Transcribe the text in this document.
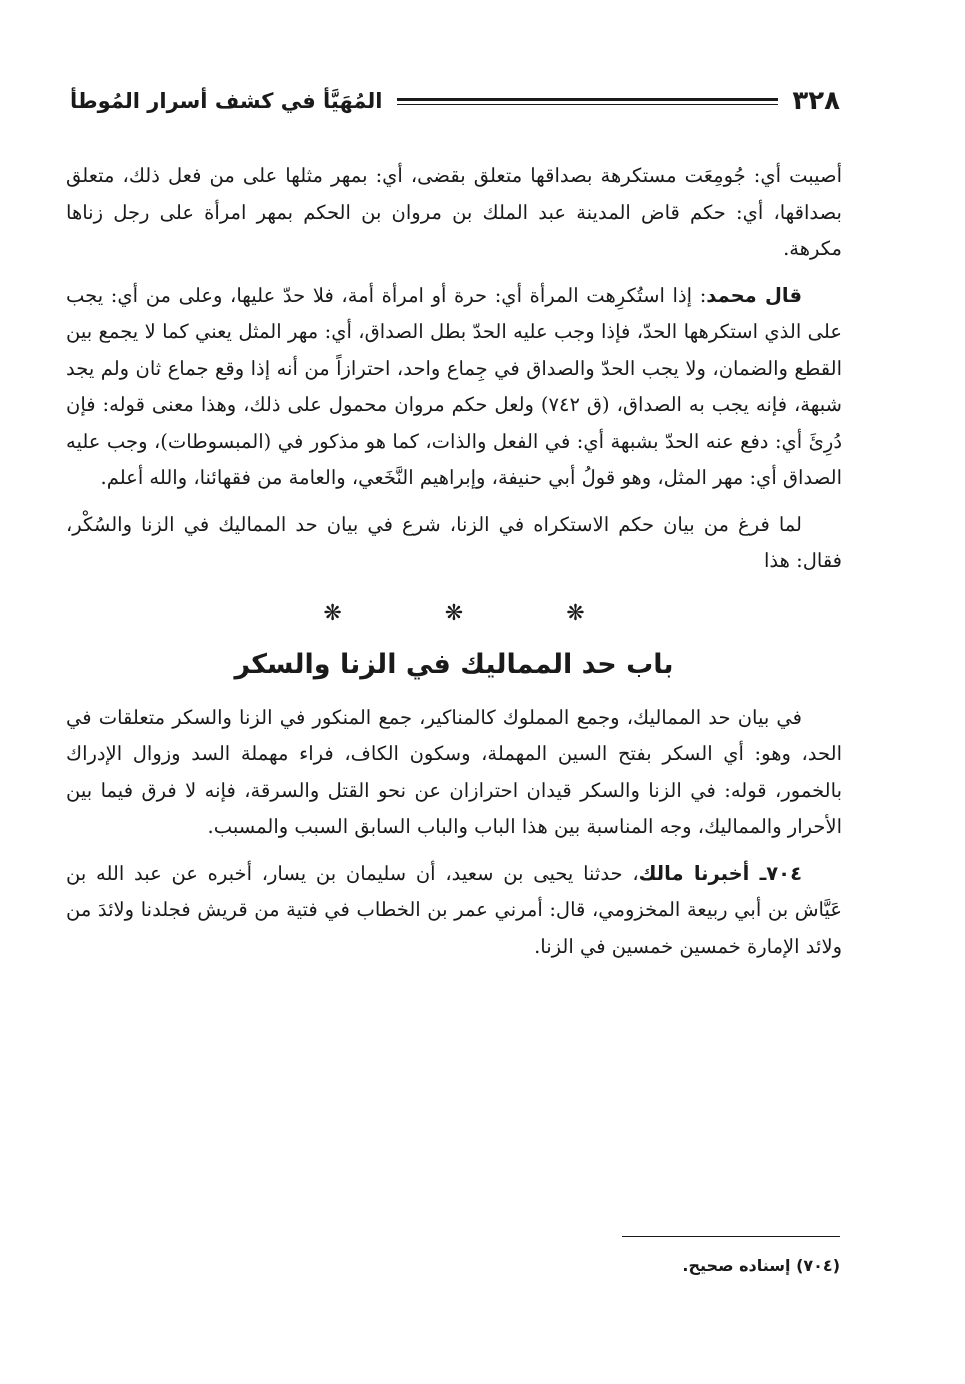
٣٢٨
المُهَيَّأ في كشف أسرار المُوطأ

أصيبت أي: جُومِعَت مستكرهة بصداقها متعلق بقضى، أي: بمهر مثلها على من فعل ذلك، متعلق بصداقها، أي: حكم قاض المدينة عبد الملك بن مروان بن الحكم بمهر امرأة على رجل زناها مكرهة.

قال محمد: إذا استُكرِهت المرأة أي: حرة أو امرأة أمة، فلا حدّ عليها، وعلى من أي: يجب على الذي استكرهها الحدّ، فإذا وجب عليه الحدّ بطل الصداق، أي: مهر المثل يعني كما لا يجمع بين القطع والضمان، ولا يجب الحدّ والصداق في جِماع واحد، احترازاً من أنه إذا وقع جماع ثان ولم يجد شبهة، فإنه يجب به الصداق، (ق ٧٤٢) ولعل حكم مروان محمول على ذلك، وهذا معنى قوله: فإن دُرِئَ أي: دفع عنه الحدّ بشبهة أي: في الفعل والذات، كما هو مذكور في (المبسوطات)، وجب عليه الصداق أي: مهر المثل، وهو قولُ أبي حنيفة، وإبراهيم النَّخَعي، والعامة من فقهائنا، والله أعلم.

لما فرغ من بيان حكم الاستكراه في الزنا، شرع في بيان حد المماليك في الزنا والسُكْر، فقال: هذا

❋ ❋ ❋
باب حد المماليك في الزنا والسكر

في بيان حد المماليك، وجمع المملوك كالمناكير، جمع المنكور في الزنا والسكر متعلقات في الحد، وهو: أي السكر بفتح السين المهملة، وسكون الكاف، فراء مهملة السد وزوال الإدراك بالخمور، قوله: في الزنا والسكر قيدان احترازان عن نحو القتل والسرقة، فإنه لا فرق فيما بين الأحرار والمماليك، وجه المناسبة بين هذا الباب والباب السابق السبب والمسبب.

٧٠٤ـ أخبرنا مالك، حدثنا يحيى بن سعيد، أن سليمان بن يسار، أخبره عن عبد الله بن عَيَّاش بن أبي ربيعة المخزومي، قال: أمرني عمر بن الخطاب في فتية من قريش فجلدنا ولائدَ من ولائد الإمارة خمسين خمسين في الزنا.

(٧٠٤) إسناده صحيح.
